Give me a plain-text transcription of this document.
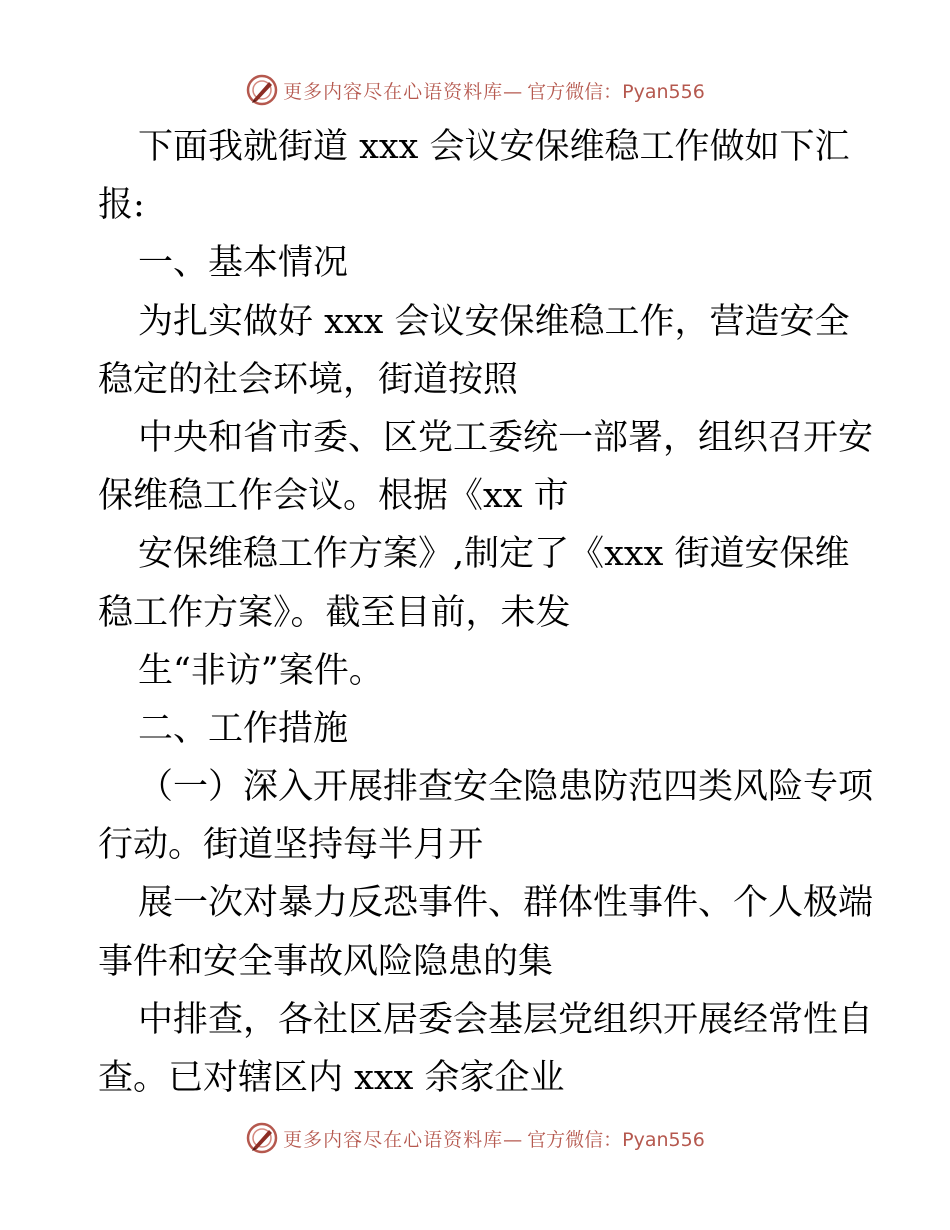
更多内容尽在心语资料库— 官方微信：Pyan556
下面我就街道 xxx 会议安保维稳工作做如下汇
报:
一、基本情况
为扎实做好 xxx 会议安保维稳工作，营造安全
稳定的社会环境，街道按照
中央和省市委、区党工委统一部署，组织召开安
保维稳工作会议。根据《xx 市
安保维稳工作方案》,制定了《xxx 街道安保维
稳工作方案》。截至目前，未发
生“非访”案件。
二、工作措施
（一）深入开展排查安全隐患防范四类风险专项
行动。街道坚持每半月开
展一次对暴力反恐事件、群体性事件、个人极端
事件和安全事故风险隐患的集
中排查，各社区居委会基层党组织开展经常性自
查。已对辖区内 xxx 余家企业
更多内容尽在心语资料库— 官方微信：Pyan556
